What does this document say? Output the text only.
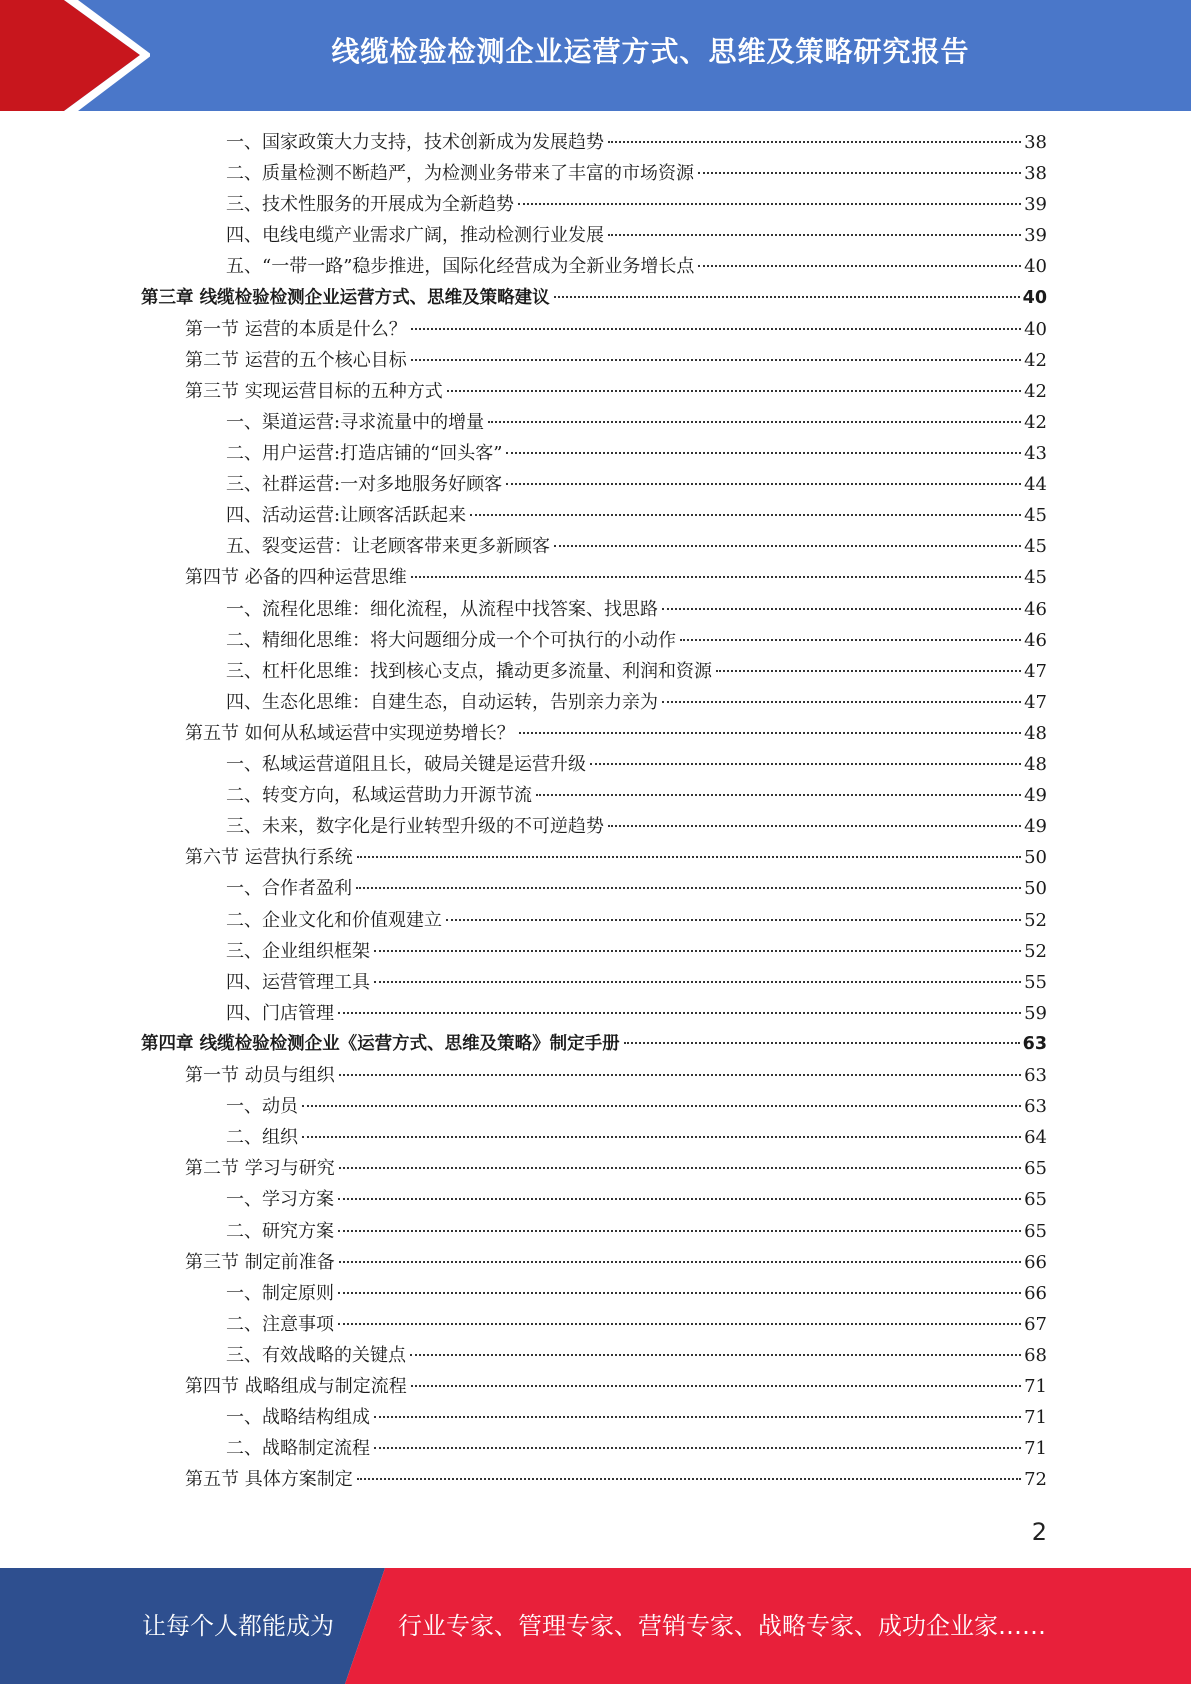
线缆检验检测企业运营方式、思维及策略研究报告
一、国家政策大力支持，技术创新成为发展趋势	38
二、质量检测不断趋严，为检测业务带来了丰富的市场资源	38
三、技术性服务的开展成为全新趋势	39
四、电线电缆产业需求广阔，推动检测行业发展	39
五、“一带一路”稳步推进，国际化经营成为全新业务增长点	40
第三章 线缆检验检测企业运营方式、思维及策略建议	40
第一节 运营的本质是什么？	40
第二节 运营的五个核心目标	42
第三节 实现运营目标的五种方式	42
一、渠道运营:寻求流量中的增量	42
二、用户运营:打造店铺的“回头客”	43
三、社群运营:一对多地服务好顾客	44
四、活动运营:让顾客活跃起来	45
五、裂变运营：让老顾客带来更多新顾客	45
第四节 必备的四种运营思维	45
一、流程化思维：细化流程，从流程中找答案、找思路	46
二、精细化思维：将大问题细分成一个个可执行的小动作	46
三、杠杆化思维：找到核心支点，撬动更多流量、利润和资源	47
四、生态化思维：自建生态，自动运转，告别亲力亲为	47
第五节 如何从私域运营中实现逆势增长？	48
一、私域运营道阻且长，破局关键是运营升级	48
二、转变方向，私域运营助力开源节流	49
三、未来，数字化是行业转型升级的不可逆趋势	49
第六节 运营执行系统	50
一、合作者盈利	50
二、企业文化和价值观建立	52
三、企业组织框架	52
四、运营管理工具	55
四、门店管理	59
第四章 线缆检验检测企业《运营方式、思维及策略》制定手册	63
第一节 动员与组织	63
一、动员	63
二、组织	64
第二节 学习与研究	65
一、学习方案	65
二、研究方案	65
第三节 制定前准备	66
一、制定原则	66
二、注意事项	67
三、有效战略的关键点	68
第四节 战略组成与制定流程	71
一、战略结构组成	71
二、战略制定流程	71
第五节 具体方案制定	72
2
让每个人都能成为	行业专家、管理专家、营销专家、战略专家、成功企业家……
